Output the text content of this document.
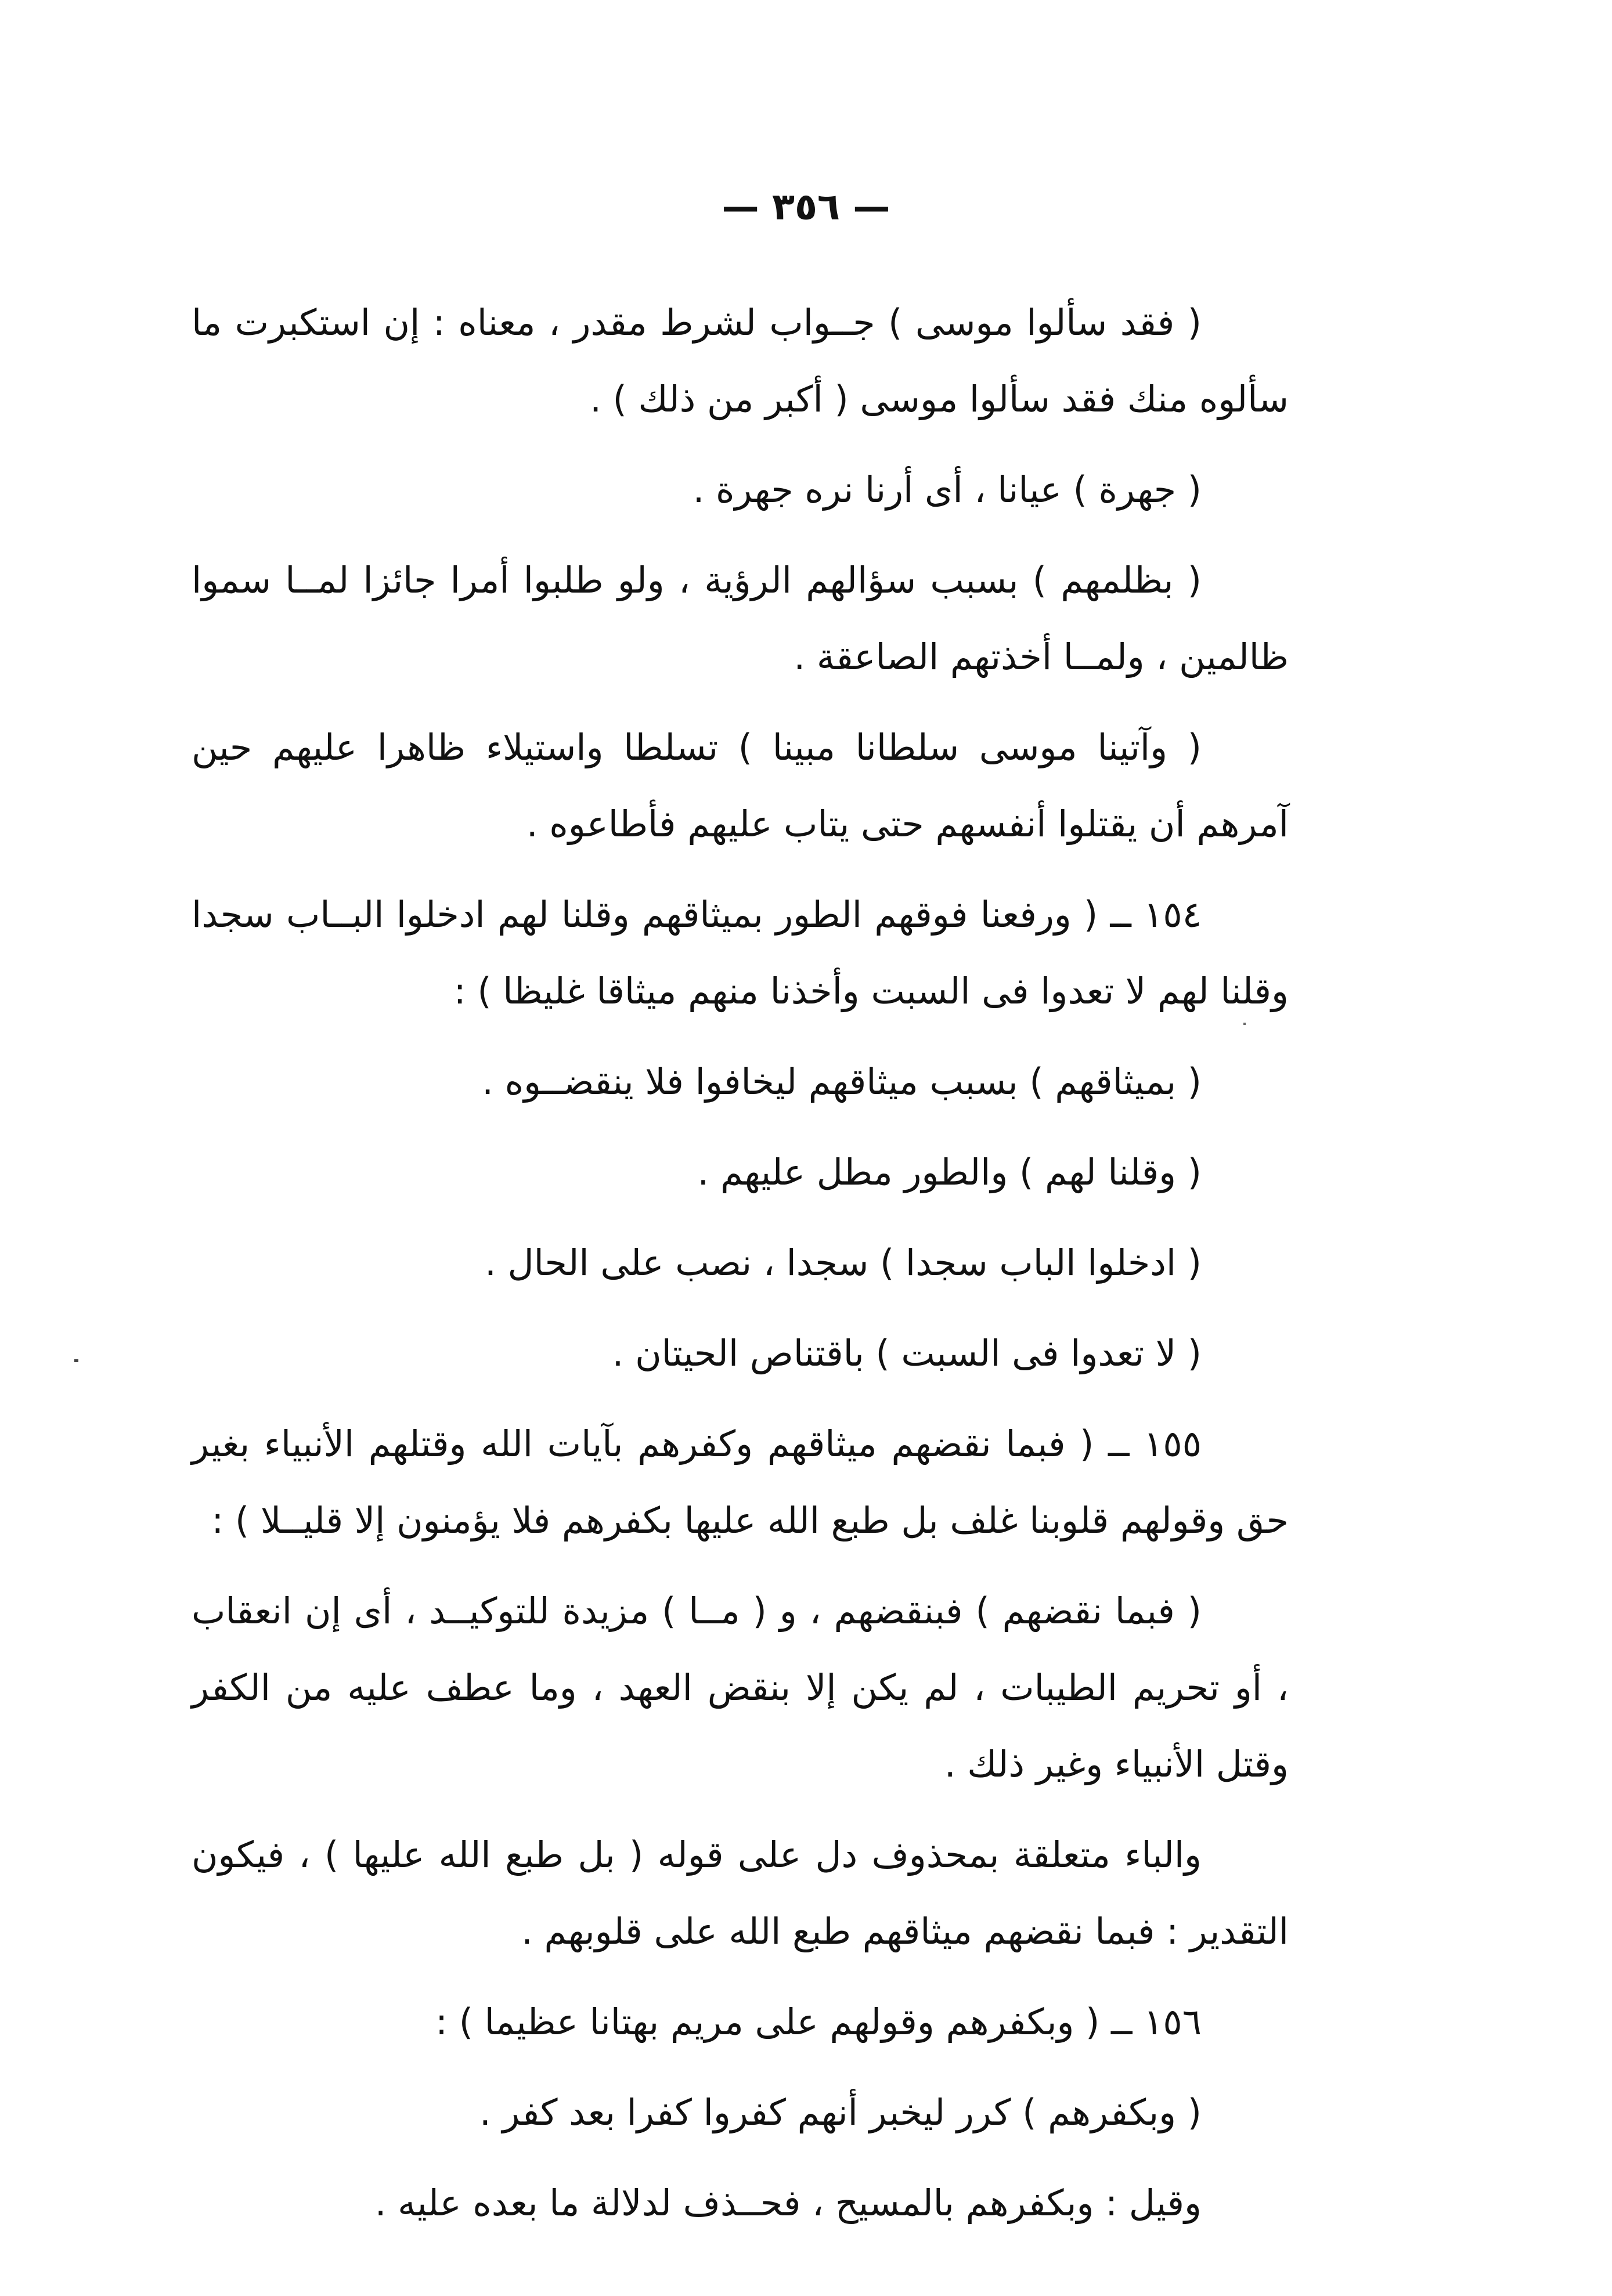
— ٣٥٦ —

( فقد سألوا موسى ) جــواب لشرط مقدر ، معناه : إن استكبرت ما سألوه منك فقد سألوا موسى ( أكبر من ذلك ) .

( جهرة ) عيانا ، أى أرنا نره جهرة .

( بظلمهم ) بسبب سؤالهم الرؤية ، ولو طلبوا أمرا جائزا لمــا سموا ظالمين ، ولمــا أخذتهم الصاعقة .

( وآتينا موسى سلطانا مبينا ) تسلطا واستيلاء ظاهرا عليهم حين آمرهم أن يقتلوا أنفسهم حتى يتاب عليهم فأطاعوه .

١٥٤ ــ ( ورفعنا فوقهم الطور بميثاقهم وقلنا لهم ادخلوا البــاب سجدا وقلنا لهم لا تعدوا فى السبت وأخذنا منهم ميثاقا غليظا ) :

( بميثاقهم ) بسبب ميثاقهم ليخافوا فلا ينقضــوه .

( وقلنا لهم ) والطور مطل عليهم .

( ادخلوا الباب سجدا ) سجدا ، نصب على الحال .

( لا تعدوا فى السبت ) باقتناص الحيتان .

١٥٥ ــ ( فبما نقضهم ميثاقهم وكفرهم بآيات الله وقتلهم الأنبياء بغير حق وقولهم قلوبنا غلف بل طبع الله عليها بكفرهم فلا يؤمنون إلا قليــلا ) :

( فبما نقضهم ) فبنقضهم ، و ( مــا ) مزيدة للتوكيــد ، أى إن انعقاب ، أو تحريم الطيبات ، لم يكن إلا بنقض العهد ، وما عطف عليه من الكفر وقتل الأنبياء وغير ذلك .

والباء متعلقة بمحذوف دل على قوله ( بل طبع الله عليها ) ، فيكون التقدير : فبما نقضهم ميثاقهم طبع الله على قلوبهم .

١٥٦ ــ ( وبكفرهم وقولهم على مريم بهتانا عظيما ) :

( وبكفرهم ) كرر ليخبر أنهم كفروا كفرا بعد كفر .

وقيل : وبكفرهم بالمسيح ، فحــذف لدلالة ما بعده عليه .
